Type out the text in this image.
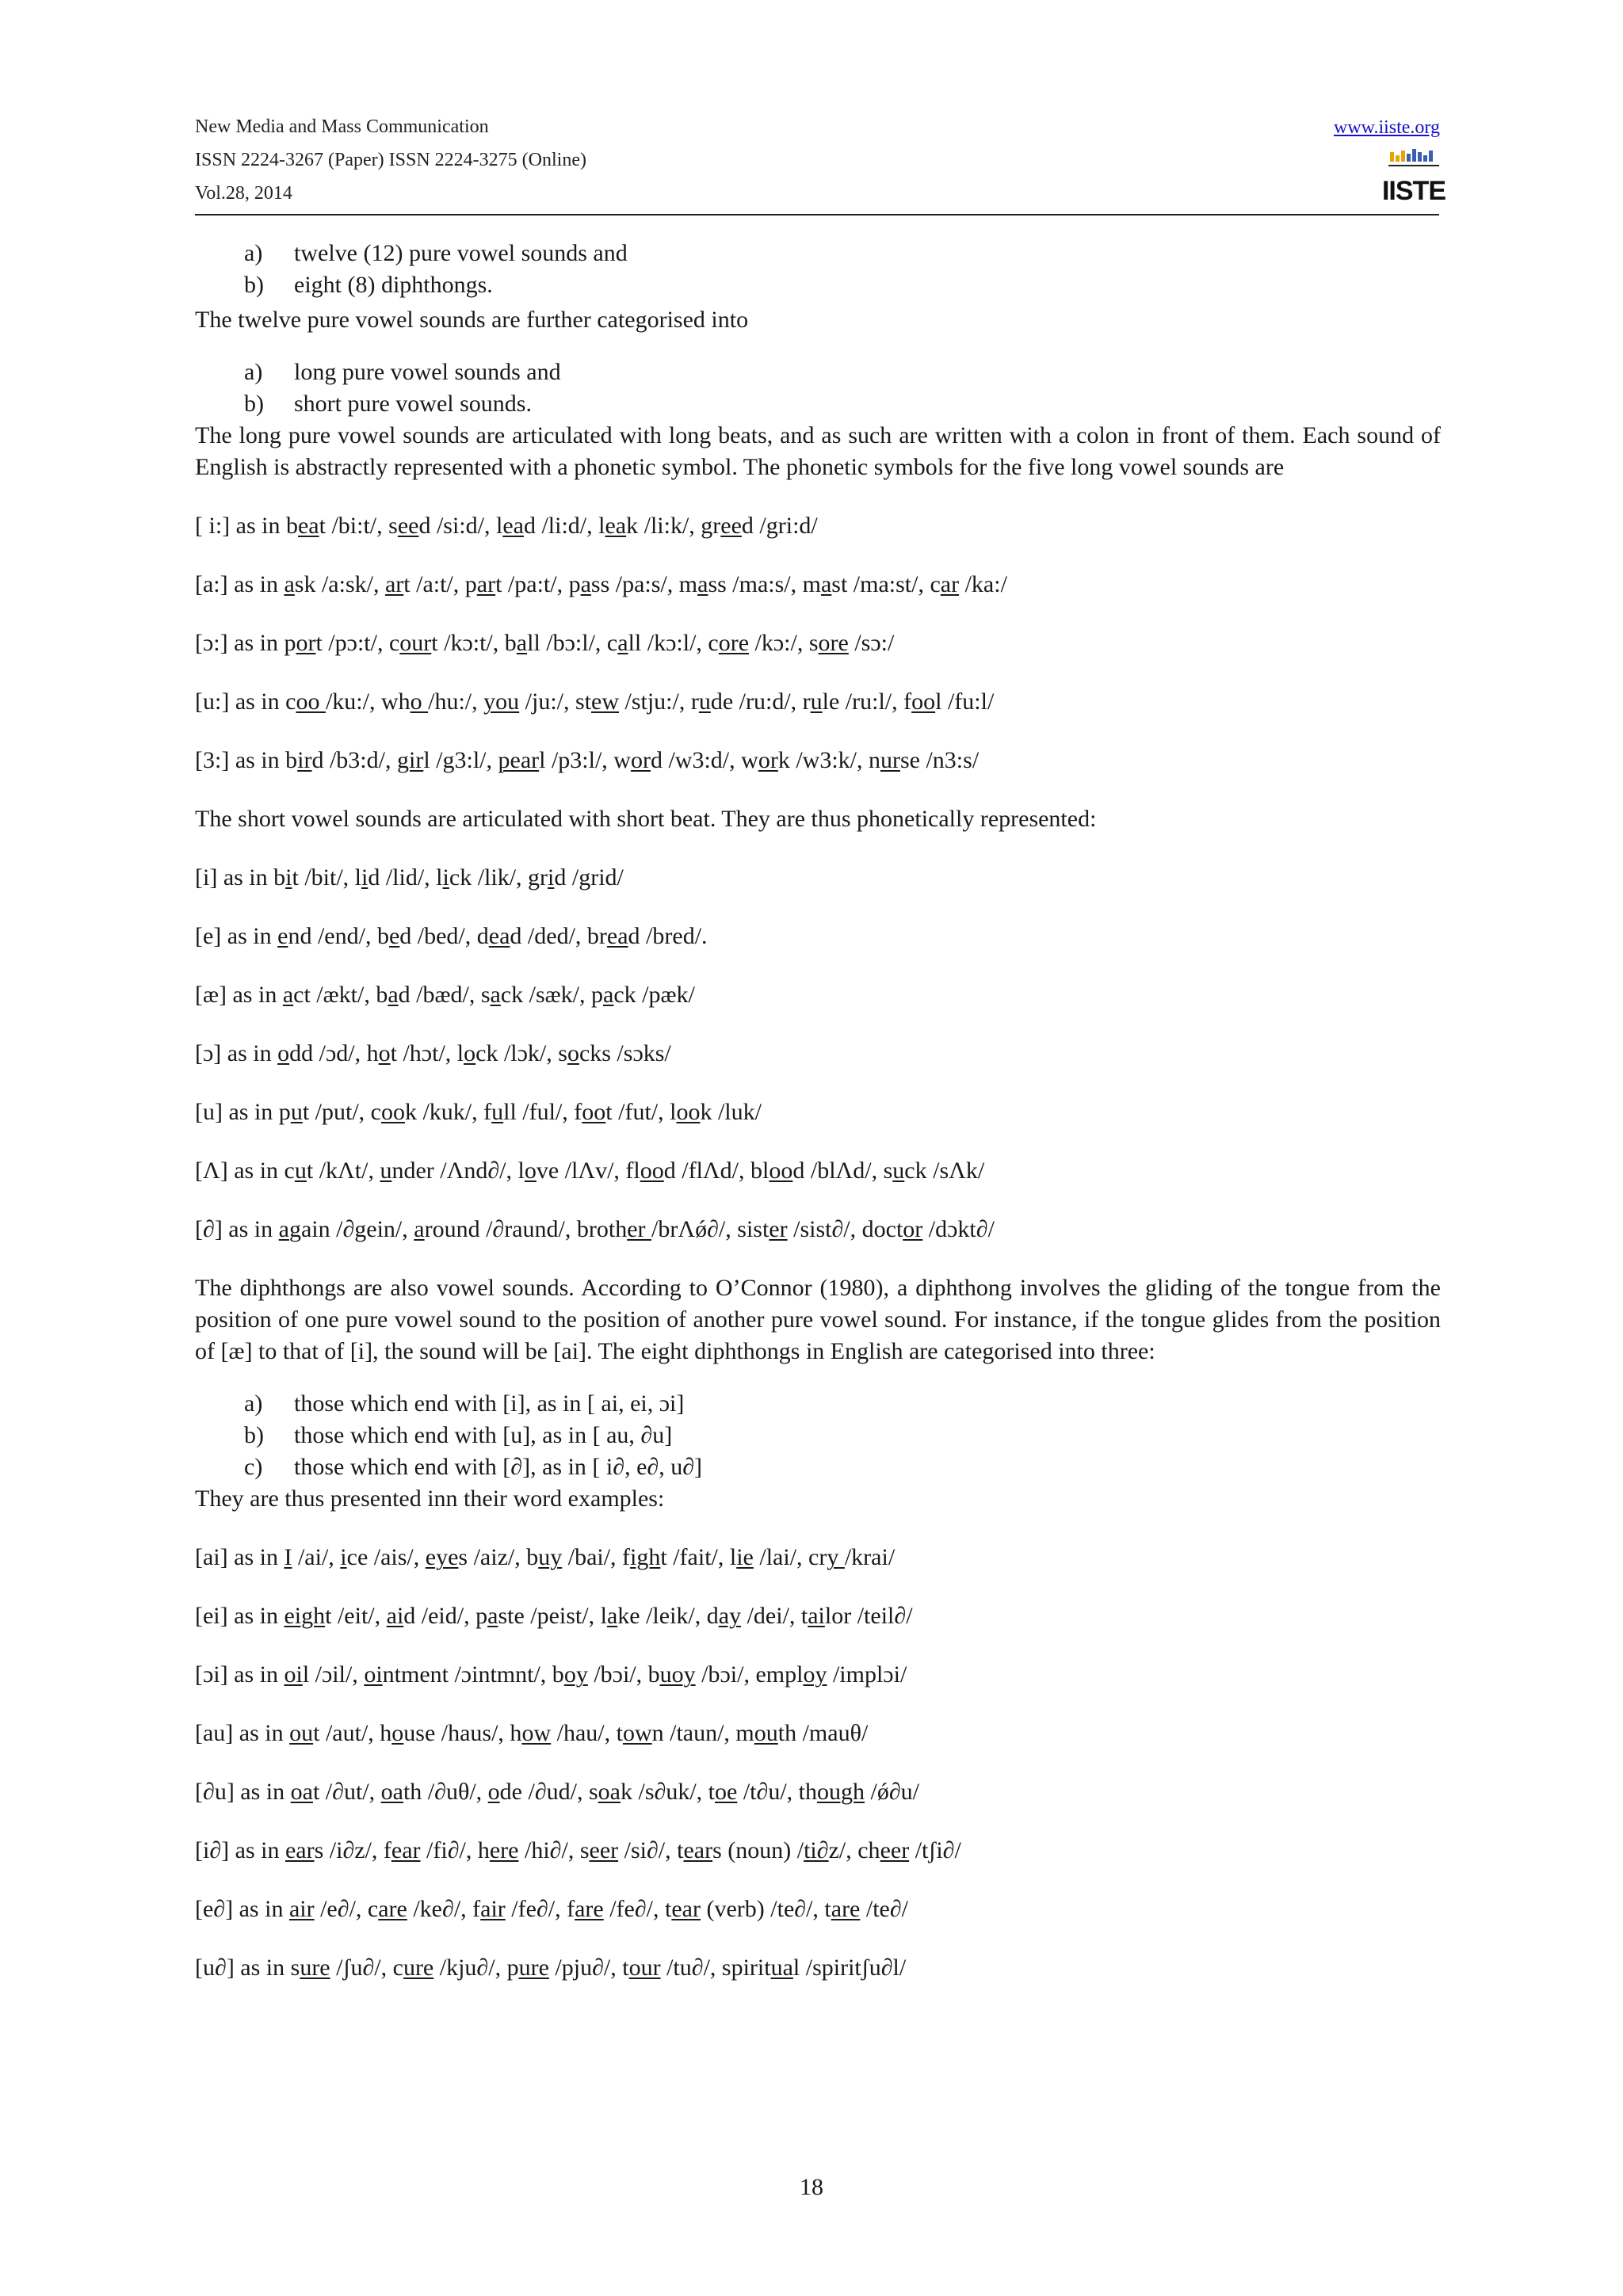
New Media and Mass Communication
ISSN 2224-3267 (Paper) ISSN 2224-3275 (Online)
Vol.28, 2014
www.iiste.org
IISTE
a) twelve (12) pure vowel sounds and
b) eight (8) diphthongs.
The twelve pure vowel sounds are further categorised into
a) long pure vowel sounds and
b) short pure vowel sounds.
The long pure vowel sounds are articulated with long beats, and as such are written with a colon in front of them. Each sound of English is abstractly represented with a phonetic symbol. The phonetic symbols for the five long vowel sounds are
[ i:] as in beat /bi:t/, seed /si:d/, lead /li:d/, leak /li:k/, greed /gri:d/
[a:] as in ask /a:sk/, art /a:t/, part /pa:t/, pass /pa:s/, mass /ma:s/, mast /ma:st/, car /ka:/
[ɔ:] as in port /pɔ:t/, court /kɔ:t/, ball /bɔ:l/, call /kɔ:l/, core /kɔ:/, sore /sɔ:/
[u:] as in coo /ku:/, who /hu:/, you /ju:/, stew /stju:/, rude /ru:d/, rule /ru:l/, fool /fu:l/
[3:] as in bird /b3:d/, girl /g3:l/, pearl /p3:l/, word /w3:d/, work /w3:k/, nurse /n3:s/
The short vowel sounds are articulated with short beat. They are thus phonetically represented:
[i] as in bit /bit/, lid /lid/, lick /lik/, grid /grid/
[e] as in end /end/, bed /bed/, dead /ded/, bread /bred/.
[æ] as in act /ækt/, bad /bæd/, sack /sæk/, pack /pæk/
[ɔ] as in odd /ɔd/, hot /hɔt/, lock /lɔk/, socks /sɔks/
[u] as in put /put/, cook /kuk/, full /ful/, foot /fut/, look /luk/
[Λ] as in cut /kΛt/, under /Λnd∂/, love /lΛv/, flood /flΛd/, blood /blΛd/, suck /sΛk/
[∂] as in again /∂gein/, around /∂raund/, brother /brΛǿ∂/, sister /sist∂/, doctor /dɔkt∂/
The diphthongs are also vowel sounds. According to O’Connor (1980), a diphthong involves the gliding of the tongue from the position of one pure vowel sound to the position of another pure vowel sound. For instance, if the tongue glides from the position of [æ] to that of [i], the sound will be [ai]. The eight diphthongs in English are categorised into three:
a) those which end with [i], as in [ ai, ei, ɔi]
b) those which end with [u], as in [ au, ∂u]
c) those which end with [∂], as in [ i∂, e∂, u∂]
They are thus presented inn their word examples:
[ai] as in I /ai/, ice /ais/, eyes /aiz/, buy /bai/, fight /fait/, lie /lai/, cry /krai/
[ei] as in eight /eit/, aid /eid/, paste /peist/, lake /leik/, day /dei/, tailor /teil∂/
[ɔi] as in oil /ɔil/, ointment /ɔintmnt/, boy /bɔi/, buoy /bɔi/, employ /implɔi/
[au] as in out /aut/, house /haus/, how /hau/, town /taun/, mouth /mauθ/
[∂u] as in oat /∂ut/, oath /∂uθ/, ode /∂ud/, soak /s∂uk/, toe /t∂u/, though /ǿ∂u/
[i∂] as in ears /i∂z/, fear /fi∂/, here /hi∂/, seer /si∂/, tears (noun) /ti∂z/, cheer /tʃi∂/
[e∂] as in air /e∂/, care /ke∂/, fair /fe∂/, fare /fe∂/, tear (verb) /te∂/, tare /te∂/
[u∂] as in sure /ʃu∂/, cure /kju∂/, pure /pju∂/, tour /tu∂/, spiritual /spiritʃu∂l/
18
